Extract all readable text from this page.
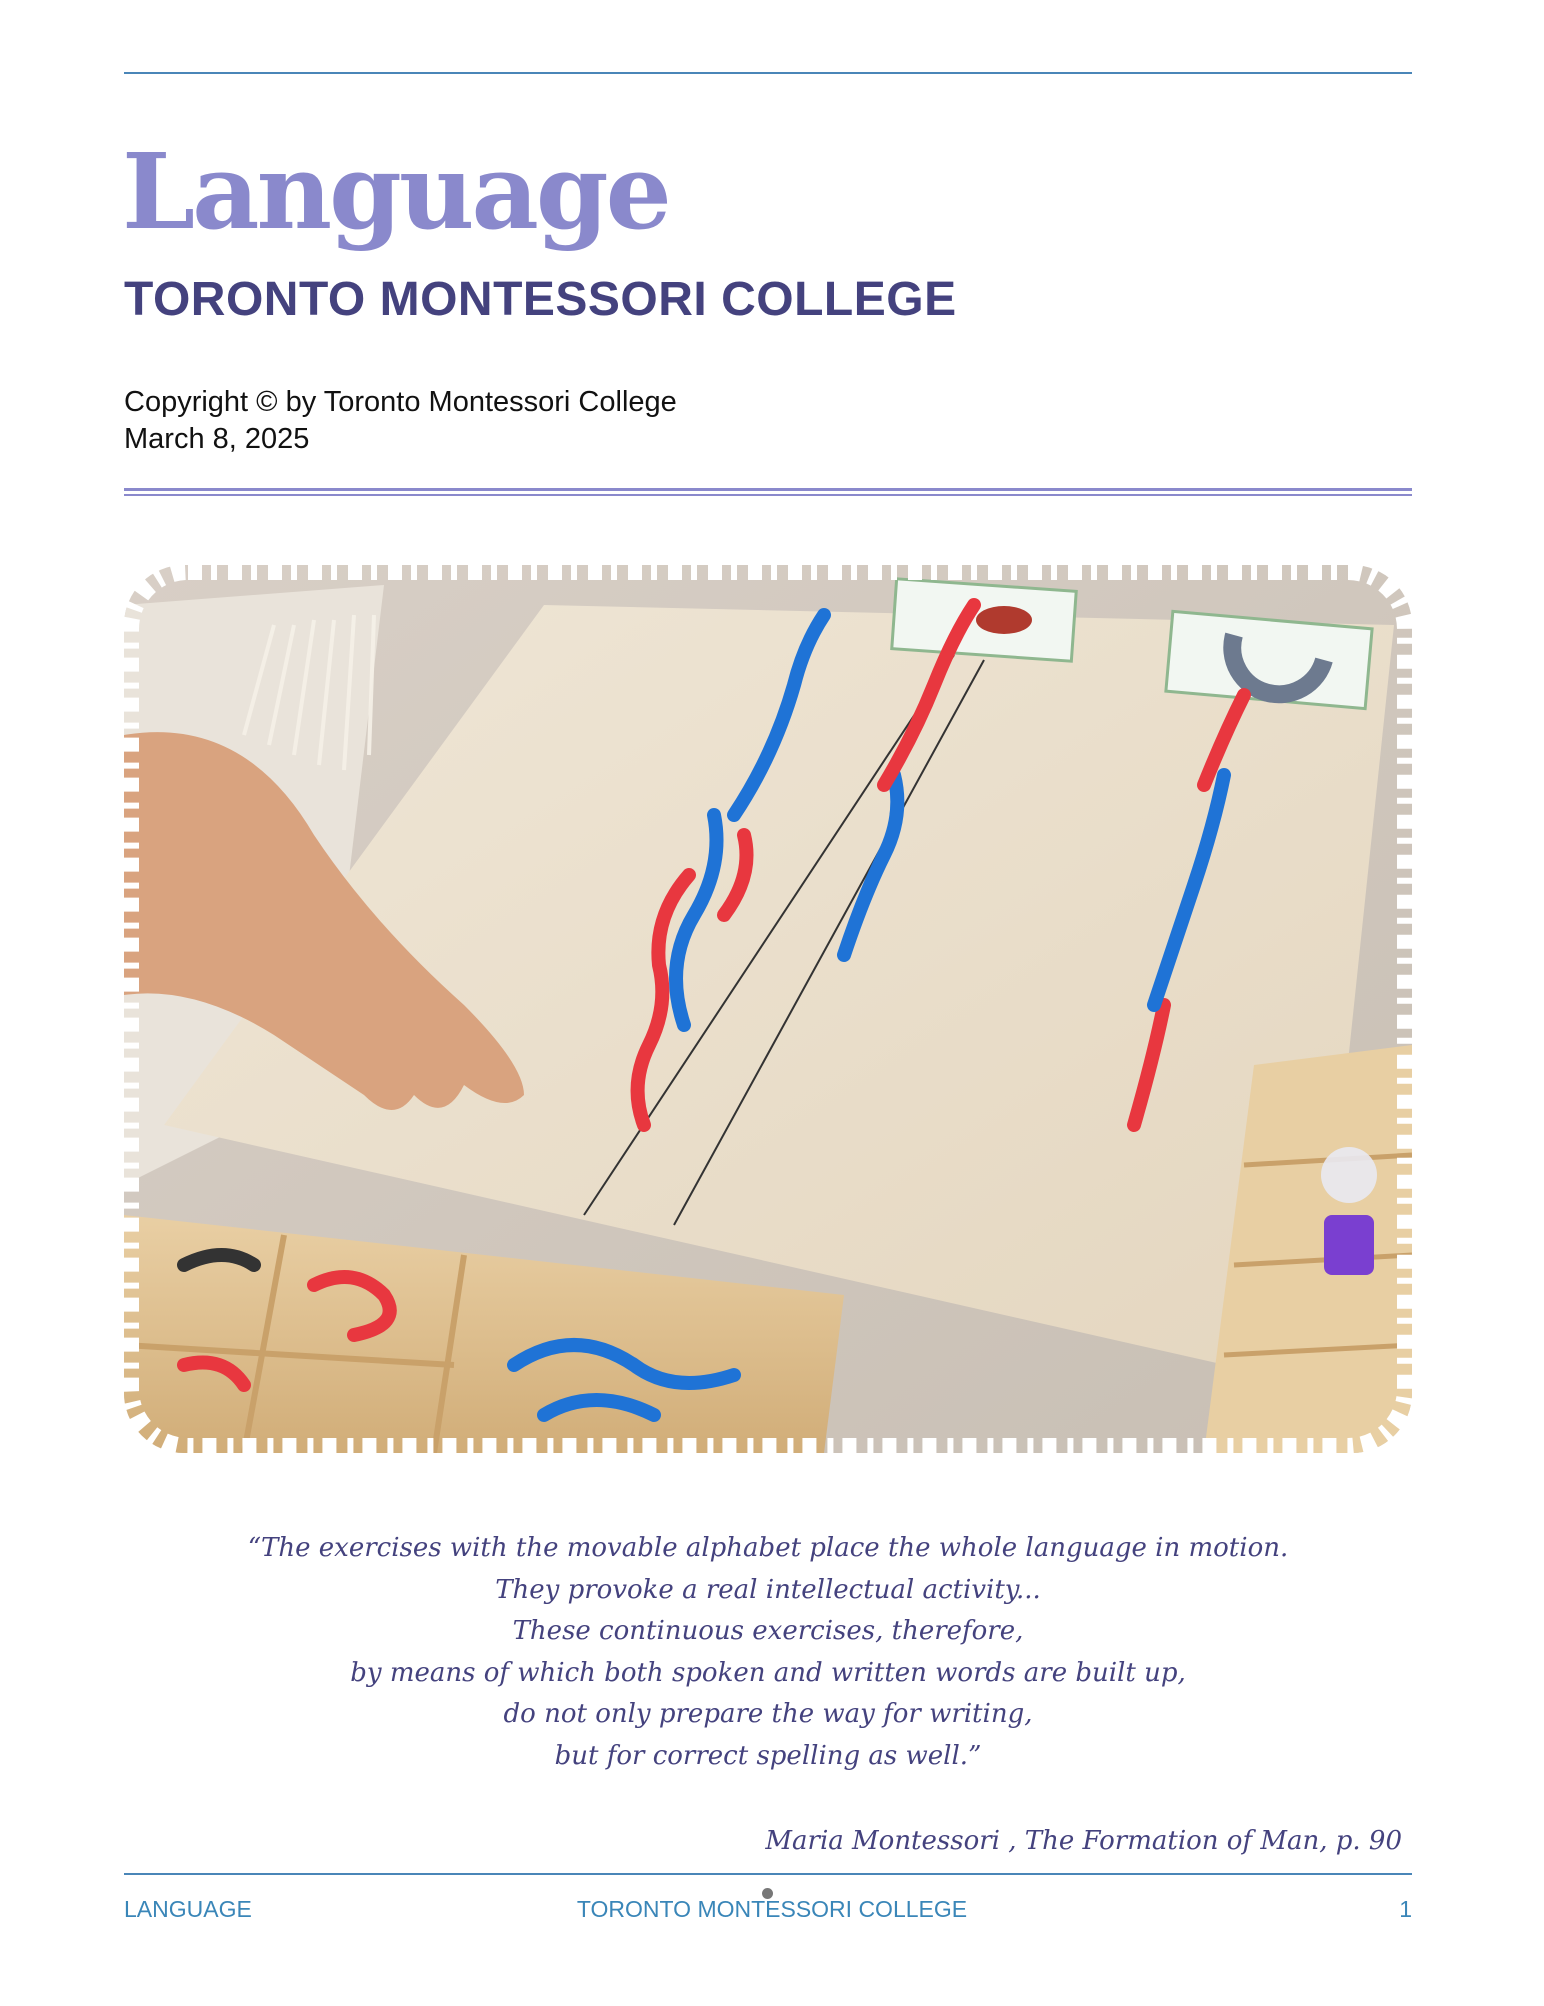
Language
TORONTO MONTESSORI COLLEGE
Copyright © by Toronto Montessori College
March 8, 2025
“The exercises with the movable alphabet place the whole language in motion.
They provoke a real intellectual activity...
These continuous exercises, therefore,
by means of which both spoken and written words are built up,
do not only prepare the way for writing,
but for correct spelling as well.”
Maria Montessori , The Formation of Man, p. 90
LANGUAGE	TORONTO MONTESSORI COLLEGE	1
